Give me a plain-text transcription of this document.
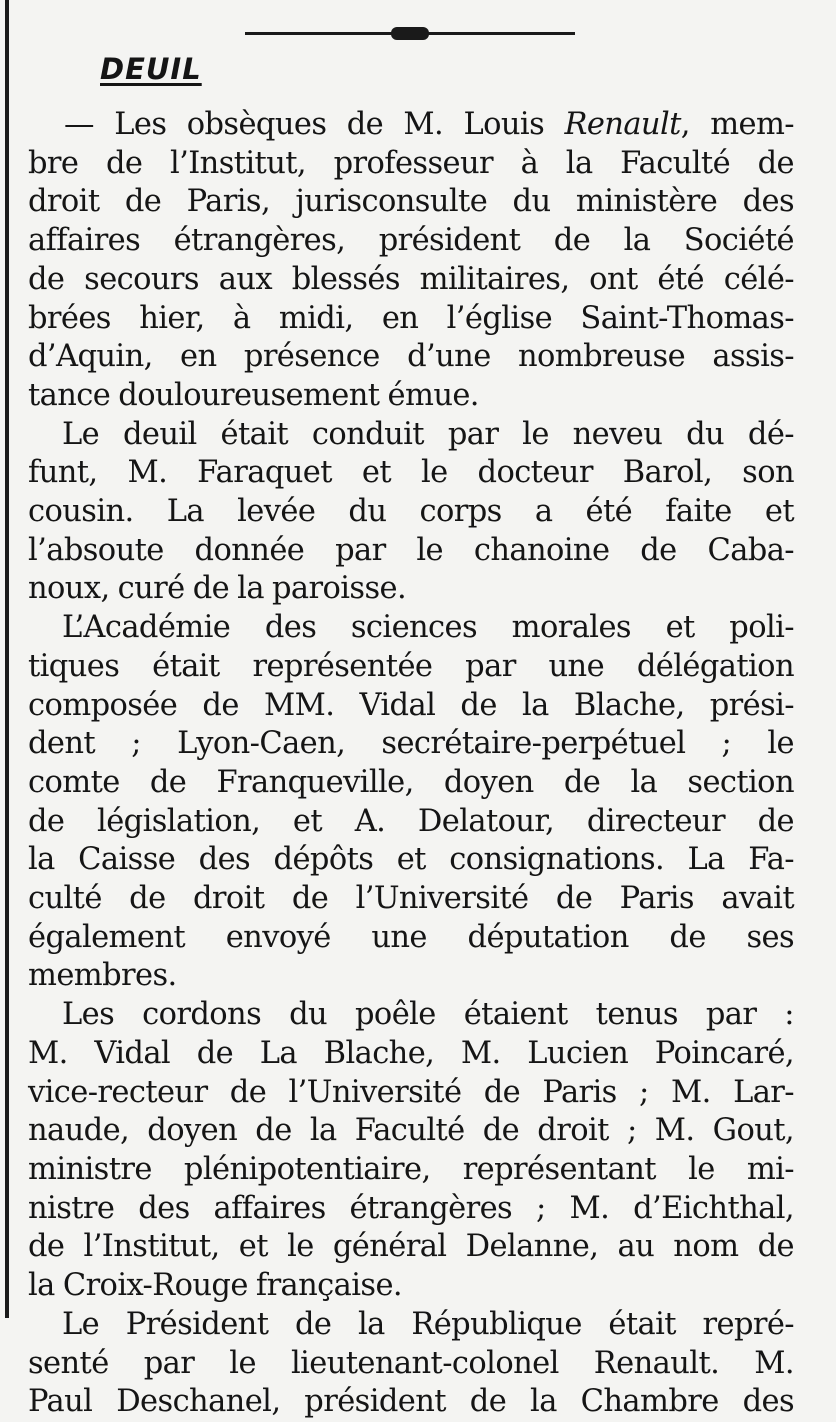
DEUIL
— Les obsèques de M. Louis Renault, mem-
bre de l’Institut, professeur à la Faculté de
droit de Paris, jurisconsulte du ministère des
affaires étrangères, président de la Société
de secours aux blessés militaires, ont été célé-
brées hier, à midi, en l’église Saint-Thomas-
d’Aquin, en présence d’une nombreuse assis-
tance douloureusement émue.
Le deuil était conduit par le neveu du dé-
funt, M. Faraquet et le docteur Barol, son
cousin. La levée du corps a été faite et
l’absoute donnée par le chanoine de Caba-
noux, curé de la paroisse.
L’Académie des sciences morales et poli-
tiques était représentée par une délégation
composée de MM. Vidal de la Blache, prési-
dent ; Lyon-Caen, secrétaire-perpétuel ; le
comte de Franqueville, doyen de la section
de législation, et A. Delatour, directeur de
la Caisse des dépôts et consignations. La Fa-
culté de droit de l’Université de Paris avait
également envoyé une députation de ses
membres.
Les cordons du poêle étaient tenus par :
M. Vidal de La Blache, M. Lucien Poincaré,
vice-recteur de l’Université de Paris ; M. Lar-
naude, doyen de la Faculté de droit ; M. Gout,
ministre plénipotentiaire, représentant le mi-
nistre des affaires étrangères ; M. d’Eichthal,
de l’Institut, et le général Delanne, au nom de
la Croix-Rouge française.
Le Président de la République était repré-
senté par le lieutenant-colonel Renault. M.
Paul Deschanel, président de la Chambre des
